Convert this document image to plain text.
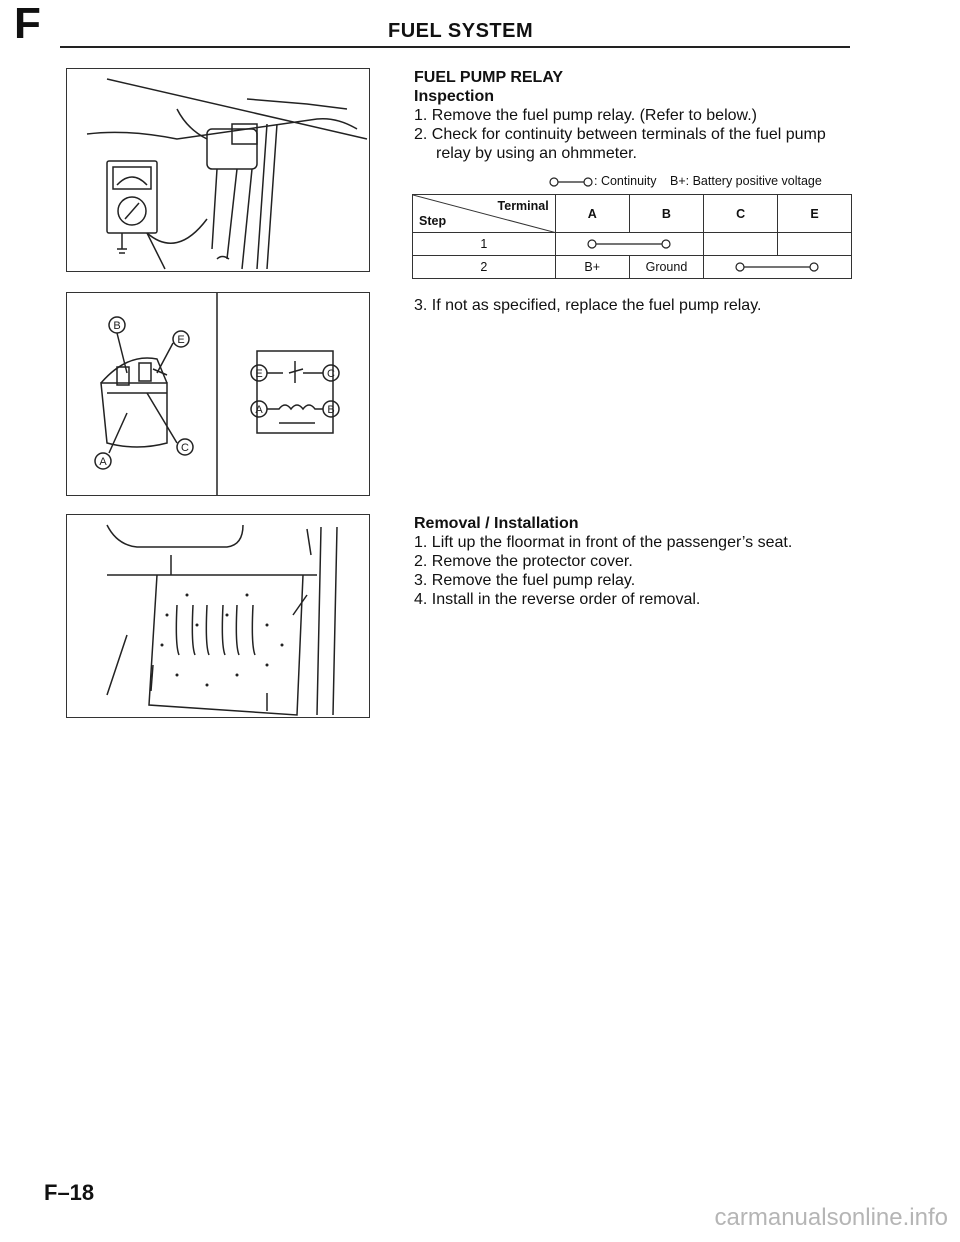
F	FUEL SYSTEM
B
E
C
A
E	C
A	B
FUEL PUMP RELAY
Inspection
1. Remove the fuel pump relay. (Refer to below.)
2. Check for continuity between terminals of the fuel pump
relay by using an ohmmeter.
: Continuity B+: Battery positive voltage
Terminal
Step	A	B	C	E
1	

2	B+	Ground	
3. If not as specified, replace the fuel pump relay.
Removal / Installation
1. Lift up the floormat in front of the passenger’s seat.
2. Remove the protector cover.
3. Remove the fuel pump relay.
4. Install in the reverse order of removal.
F–18
carmanualsonline.info
